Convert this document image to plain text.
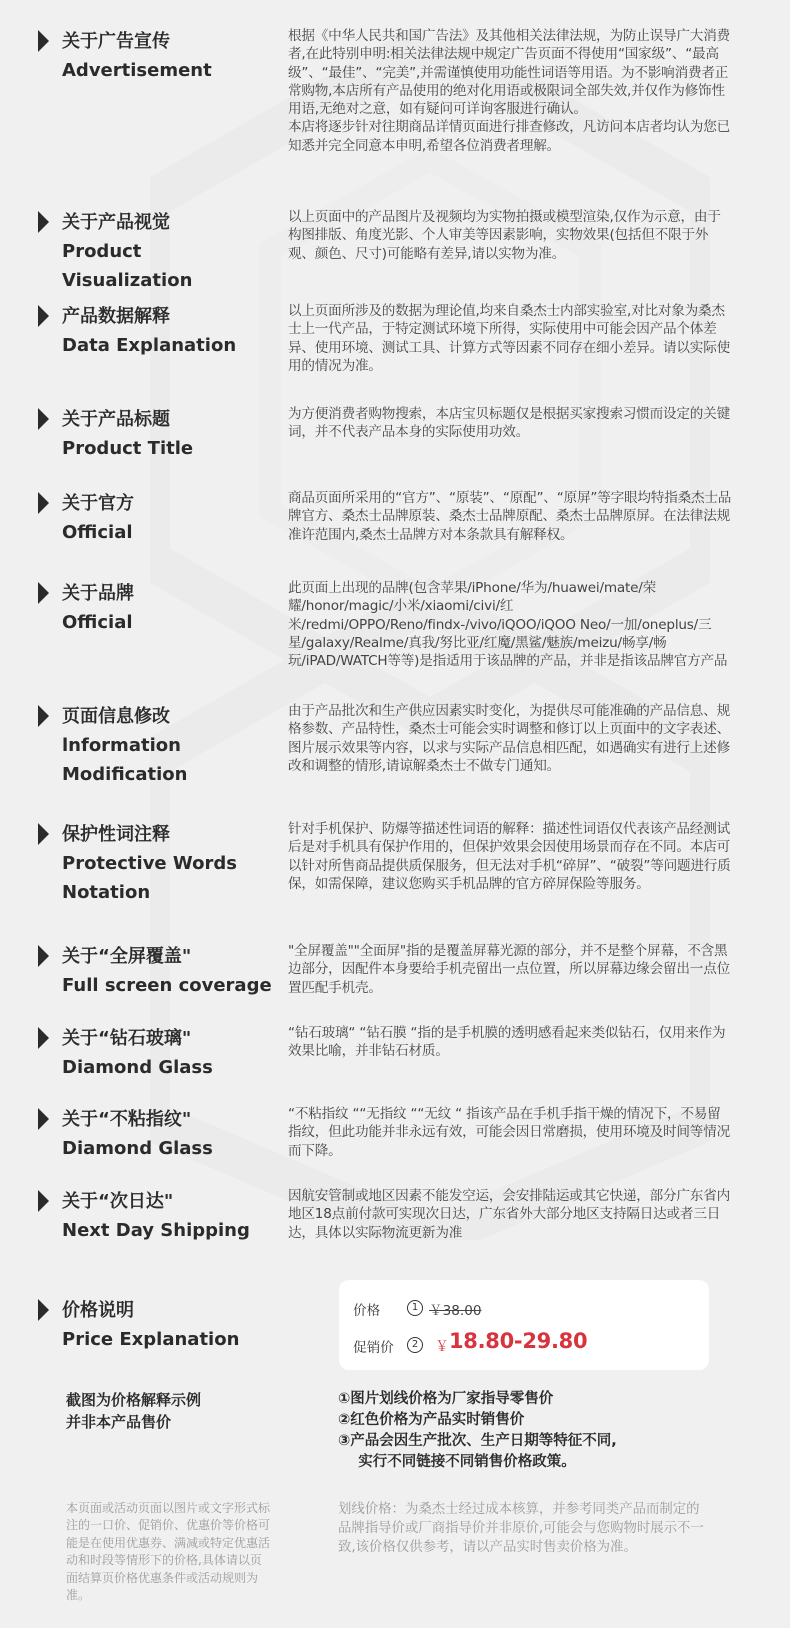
关于广告宣传
Advertisement
根据《中华人民共和国广告法》及其他相关法律法规，为防止误导广大消费者,在此特别申明:相关法律法规中规定广告页面不得使用“国家级”、“最高级”、“最佳”、“完美”,并需谨慎使用功能性词语等用语。为不影响消费者正常购物,本店所有产品使用的绝对化用语或极限词全部失效,并仅作为修饰性用语,无绝对之意，如有疑问可详询客服进行确认。
本店将逐步针对往期商品详情页面进行排查修改，凡访问本店者均认为您已知悉并完全同意本申明,希望各位消费者理解。
关于产品视觉
Product Visualization
以上页面中的产品图片及视频均为实物拍摄或模型渲染,仅作为示意，由于构图排版、角度光影、个人审美等因素影响，实物效果(包括但不限于外观、颜色、尺寸)可能略有差异,请以实物为准。
产品数据解释
Data Explanation
以上页面所涉及的数据为理论值,均来自桑杰士内部实验室,对比对象为桑杰士上一代产品，于特定测试环境下所得，实际使用中可能会因产品个体差异、使用环境、测试工具、计算方式等因素不同存在细小差异。请以实际使用的情况为准。
关于产品标题
Product Title
为方便消费者购物搜索，本店宝贝标题仅是根据买家搜索习惯而设定的关键词，并不代表产品本身的实际使用功效。
关于官方
Official
商品页面所采用的“官方”、“原装”、“原配”、“原屏”等字眼均特指桑杰士品牌官方、桑杰士品牌原装、桑杰士品牌原配、桑杰士品牌原屏。在法律法规准许范围内,桑杰士品牌方对本条款具有解释权。
关于品牌
Official
此页面上出现的品牌(包含苹果/iPhone/华为/huawei/mate/荣耀/honor/magic/小米/xiaomi/civi/红米/redmi/OPPO/Reno/findx-/vivo/iQOO/iQOO Neo/一加/oneplus/三星/galaxy/Realme/真我/努比亚/红魔/黑鲨/魅族/meizu/畅享/畅玩/iPAD/WATCH等等)是指适用于该品牌的产品，并非是指该品牌官方产品
页面信息修改
lnformation
Modification
由于产品批次和生产供应因素实时变化，为提供尽可能准确的产品信息、规格参数、产品特性，桑杰士可能会实时调整和修订以上页面中的文字表述、图片展示效果等内容，以求与实际产品信息相匹配，如遇确实有进行上述修改和调整的情形,请谅解桑杰士不做专门通知。
保护性词注释
Protective Words
Notation
针对手机保护、防爆等描述性词语的解释：描述性词语仅代表该产品经测试后是对手机具有保护作用的，但保护效果会因使用场景而存在不同。本店可以针对所售商品提供质保服务，但无法对手机“碎屏”、“破裂”等问题进行质保，如需保障，建议您购买手机品牌的官方碎屏保险等服务。
关于“全屏覆盖"
Full screen coverage
"全屏覆盖""全面屏"指的是覆盖屏幕光源的部分，并不是整个屏幕，不含黑边部分，因配件本身要给手机壳留出一点位置，所以屏幕边缘会留出一点位置匹配手机壳。
关于“钻石玻璃"
Diamond Glass
“钻石玻璃“ “钻石膜 “指的是手机膜的透明感看起来类似钻石，仅用来作为效果比喻，并非钻石材质。
关于“不粘指纹"
Diamond Glass
“不粘指纹 ““无指纹 ““无纹 “ 指该产品在手机手指干燥的情况下，不易留指纹，但此功能并非永远有效，可能会因日常磨损，使用环境及时间等情况而下降。
关于“次日达"
Next Day Shipping
因航安管制或地区因素不能发空运，会安排陆运或其它快递，部分广东省内地区18点前付款可实现次日达，广东省外大部分地区支持隔日达或者三日达，具体以实际物流更新为准
价格说明
Price Explanation
价格	1 ￥38.00
促销价	2	￥ 18.80-29.80
截图为价格解释示例
并非本产品售价
①图片划线价格为厂家指导零售价
②红色价格为产品实时销售价
③产品会因生产批次、生产日期等特征不同,
实行不同链接不同销售价格政策。
本页面或活动页面以图片或文字形式标注的一口价、促销价、优惠价等价格可能是在使用优惠券、满减或特定优惠活动和时段等情形下的价格,具体请以页面结算页价格优惠条件或活动规则为准。
划线价格：为桑杰士经过成本核算，并参考同类产品而制定的品牌指导价或厂商指导价并非原价,可能会与您购物时展示不一致,该价格仅供参考，请以产品实时售卖价格为准。
